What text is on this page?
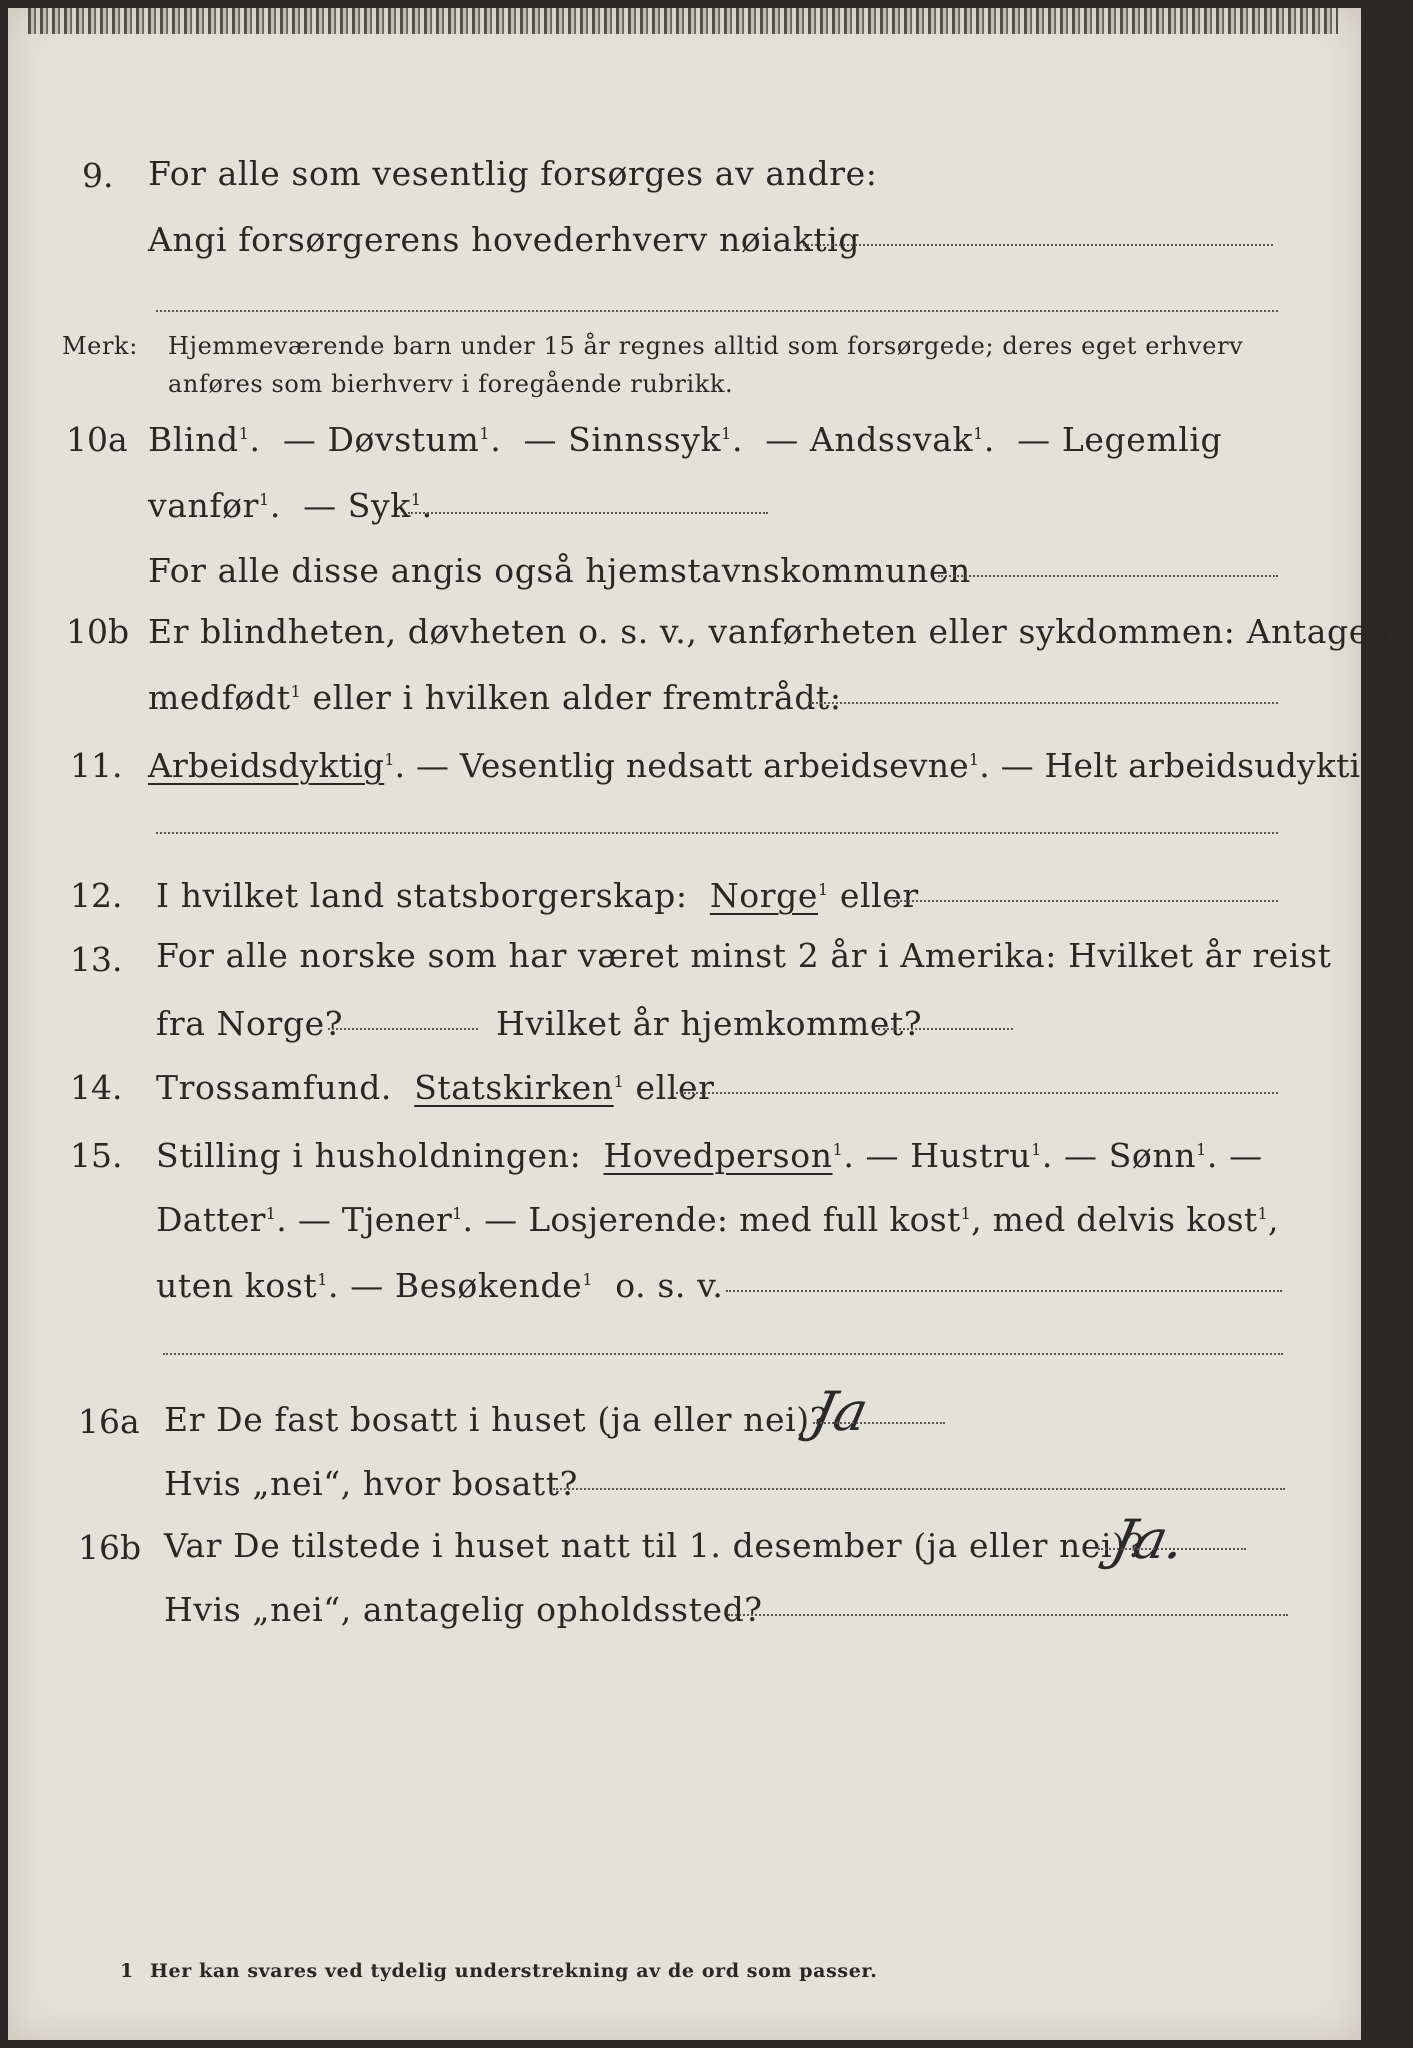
9. For alle som vesentlig forsørges av andre:
Angi forsørgerens hovederhverv nøiaktig
Merk: Hjemmeværende barn under 15 år regnes alltid som forsørgede; deres eget erhverv
anføres som bierhverv i foregående rubrikk.
10a Blind$^1$.  — Døvstum$^1$.  — Sinnssyk$^1$.  — Andssvak$^1$.  — Legemlig
vanfør$^1$.  — Syk$^1$.
For alle disse angis også hjemstavnskommunen
10b Er blindheten, døvheten o. s. v., vanførheten eller sykdommen: Antagelig
medfødt$^1$ eller i hvilken alder fremtrådt:
11. Arbeidsdyktig$^1$. — Vesentlig nedsatt arbeidsevne$^1$. — Helt arbeidsudyktig$^1$.
12. I hvilket land statsborgerskap: Norge$^1$ eller
13. For alle norske som har været minst 2 år i Amerika: Hvilket år reist
fra Norge?	Hvilket år hjemkommet?
14. Trossamfund. Statskirken$^1$ eller
15. Stilling i husholdningen: Hovedperson$^1$. — Hustru$^1$. — Sønn$^1$. —
Datter$^1$. — Tjener$^1$. — Losjerende: med full kost$^1$, med delvis kost$^1$,
uten kost$^1$. — Besøkende$^1$ o. s. v.
16a Er De fast bosatt i huset (ja eller nei)?
Ja
Hvis „nei“, hvor bosatt?
16b Var De tilstede i huset natt til 1. desember (ja eller nei)?
Ja.
Hvis „nei“, antagelig opholdssted?
1 Her kan svares ved tydelig understrekning av de ord som passer.
